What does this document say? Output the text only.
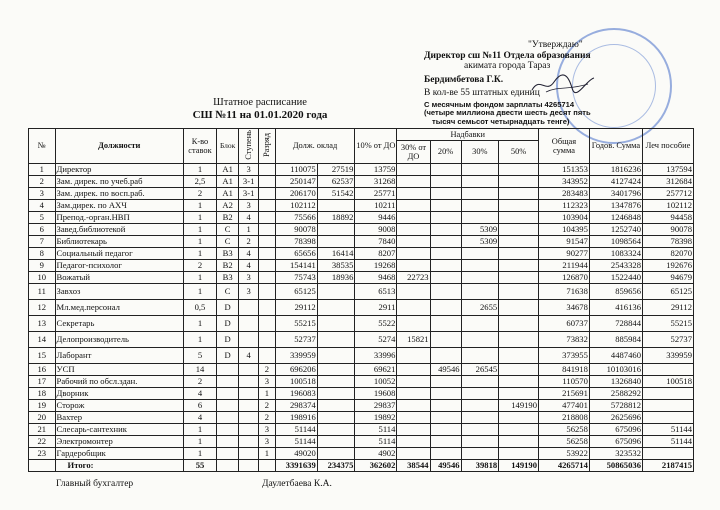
"Утверждаю"
Директор сш №11 Отдела образования
акимата города Тараз
Бердимбетова Г.К.
В кол-ве 55 штатных единиц
С месячным фондом зарплаты 4265714
(четыре миллиона двести шесть десят пять
тысяч семьсот четырнадцать тенге)
Штатное расписание
СШ №11 на 01.01.2020 года
№	Должности	К-во ставок	Блок	Ступень	Разряд	Долж. оклад		10% от ДО	Надбавки				Общая сумма	Годов. Сумма	Леч пособие
									30% от ДО	20%	30%	50%			
1	Директор	1	А1	3		110075	27519	13759					151353	1816236	137594
2	Зам. дирек. по учеб.раб	2,5	А1	3-1		250147	62537	31268					343952	4127424	312684
3	Зам. дирек. по восп.раб.	2	А1	3-1		206170	51542	25771					283483	3401796	257712
4	Зам.дирек. по АХЧ	1	А2	3		102112		10211					112323	1347876	102112
5	Препод.-орган.НВП	1	В2	4		75566	18892	9446					103904	1246848	94458
6	Завед.библиотекой	1	С	1		90078		9008			5309		104395	1252740	90078
7	Библиотекарь	1	С	2		78398		7840			5309		91547	1098564	78398
8	Социальный педагог	1	В3	4		65656	16414	8207					90277	1083324	82070
9	Педагог-психолог	2	В2	4		154141	38535	19268					211944	2543328	192676
10	Вожатый	1	В3	3		75743	18936	9468	22723				126870	1522440	94679
11	Завхоз	1	С	3		65125		6513					71638	859656	65125
12	Мл.мед.персонал	0,5	D			29112		2911			2655		34678	416136	29112
13	Секретарь	1	D			55215		5522					60737	728844	55215
14	Делопроизводитель	1	D			52737		5274	15821				73832	885984	52737
15	Лаборант	5	D	4		339959		33996					373955	4487460	339959
16	УСП	14			2	696206		69621		49546	26545		841918	10103016	
17	Рабочий по обсл.здан.	2			3	100518		10052					110570	1326840	100518
18	Дворник	4			1	196083		19608					215691	2588292	
19	Сторож	6			2	298374		29837				149190	477401	5728812	
20	Вахтер	4			2	198916		19892					218808	2625696	
21	Слесарь-сантехник	1			3	51144		5114					56258	675096	51144
22	Электромонтер	1			3	51144		5114					56258	675096	51144
23	Гардеробщик	1			1	49020		4902					53922	323532	
	Итого:	55				3391639	234375	362602	38544	49546	39818	149190	4265714	50865036	2187415
Главный бухгалтер	Даулетбаева К.А.
